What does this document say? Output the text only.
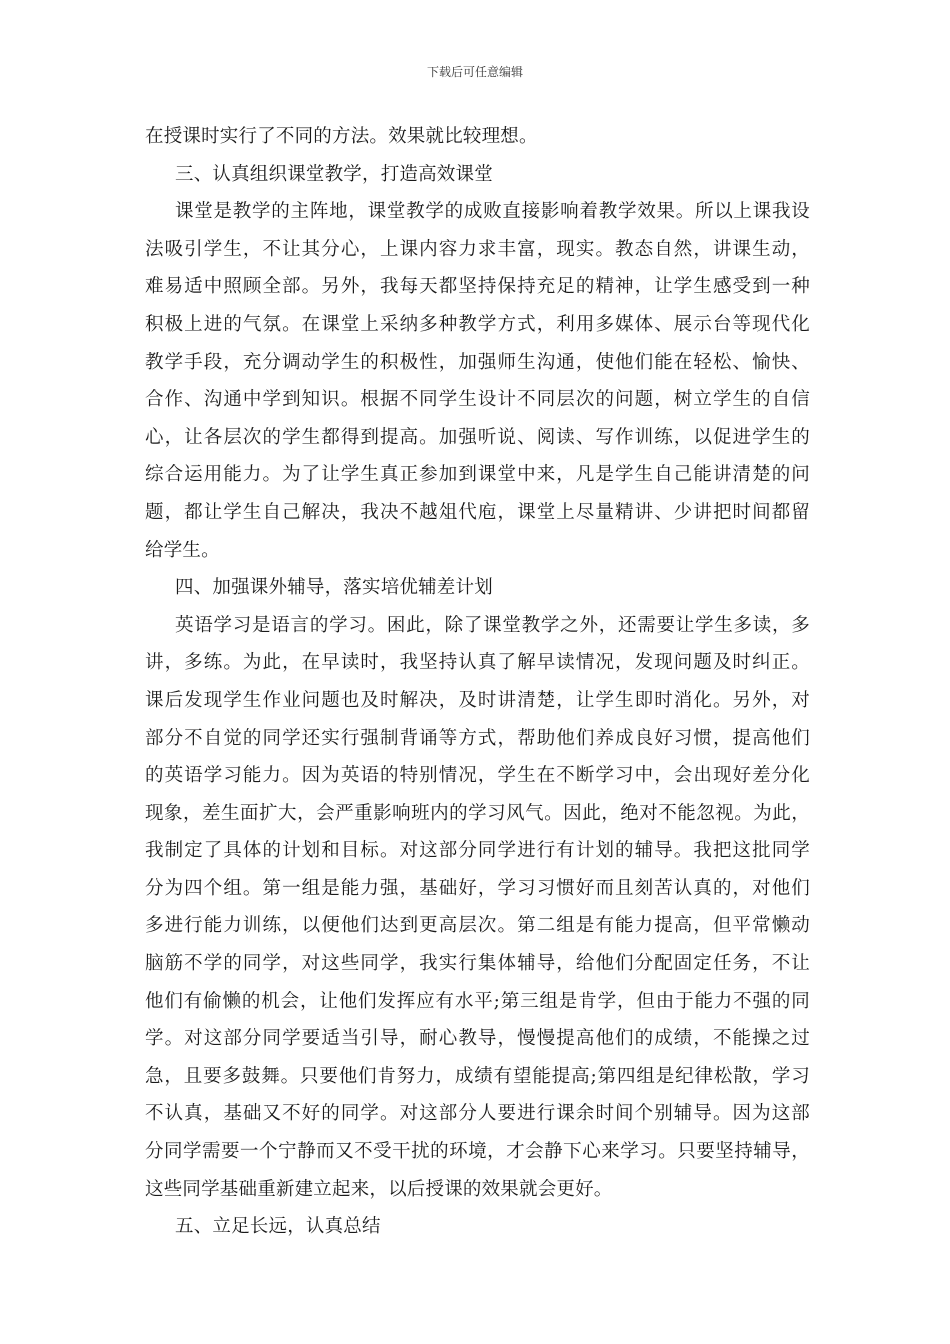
下载后可任意编辑
在授课时实行了不同的方法。效果就比较理想。
三、认真组织课堂教学，打造高效课堂
课堂是教学的主阵地，课堂教学的成败直接影响着教学效果。所以上课我设
法吸引学生，不让其分心，上课内容力求丰富，现实。教态自然，讲课生动，
难易适中照顾全部。另外，我每天都坚持保持充足的精神，让学生感受到一种
积极上进的气氛。在课堂上采纳多种教学方式，利用多媒体、展示台等现代化
教学手段，充分调动学生的积极性，加强师生沟通，使他们能在轻松、愉快、
合作、沟通中学到知识。根据不同学生设计不同层次的问题，树立学生的自信
心，让各层次的学生都得到提高。加强听说、阅读、写作训练，以促进学生的
综合运用能力。为了让学生真正参加到课堂中来，凡是学生自己能讲清楚的问
题，都让学生自己解决，我决不越俎代庖，课堂上尽量精讲、少讲把时间都留
给学生。
四、加强课外辅导，落实培优辅差计划
英语学习是语言的学习。困此，除了课堂教学之外，还需要让学生多读，多
讲，多练。为此，在早读时，我坚持认真了解早读情况，发现问题及时纠正。
课后发现学生作业问题也及时解决，及时讲清楚，让学生即时消化。另外，对
部分不自觉的同学还实行强制背诵等方式，帮助他们养成良好习惯，提高他们
的英语学习能力。因为英语的特别情况，学生在不断学习中，会出现好差分化
现象，差生面扩大，会严重影响班内的学习风气。因此，绝对不能忽视。为此，
我制定了具体的计划和目标。对这部分同学进行有计划的辅导。我把这批同学
分为四个组。第一组是能力强，基础好，学习习惯好而且刻苦认真的，对他们
多进行能力训练，以便他们达到更高层次。第二组是有能力提高，但平常懒动
脑筋不学的同学，对这些同学，我实行集体辅导，给他们分配固定任务，不让
他们有偷懒的机会，让他们发挥应有水平;第三组是肯学，但由于能力不强的同
学。对这部分同学要适当引导，耐心教导，慢慢提高他们的成绩，不能操之过
急，且要多鼓舞。只要他们肯努力，成绩有望能提高;第四组是纪律松散，学习
不认真，基础又不好的同学。对这部分人要进行课余时间个别辅导。因为这部
分同学需要一个宁静而又不受干扰的环境，才会静下心来学习。只要坚持辅导，
这些同学基础重新建立起来，以后授课的效果就会更好。
五、立足长远，认真总结
